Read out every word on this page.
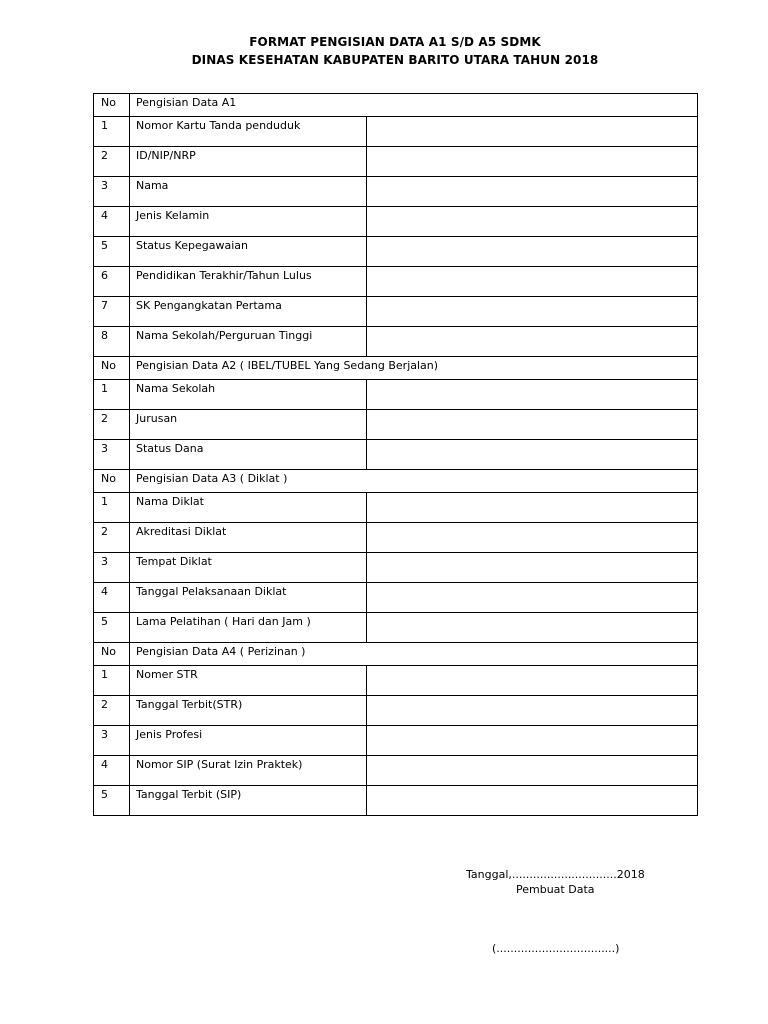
FORMAT PENGISIAN DATA A1 S/D A5 SDMK
DINAS KESEHATAN KABUPATEN BARITO UTARA TAHUN 2018
No	Pengisian Data A1	
1	Nomor Kartu Tanda penduduk	
2	ID/NIP/NRP	
3	Nama	
4	Jenis Kelamin	
5	Status Kepegawaian	
6	Pendidikan Terakhir/Tahun Lulus	
7	SK Pengangkatan Pertama	
8	Nama Sekolah/Perguruan Tinggi	
No	Pengisian Data A2 ( IBEL/TUBEL Yang Sedang Berjalan)	
1	Nama Sekolah	
2	Jurusan	
3	Status Dana	
No	Pengisian Data A3 ( Diklat )	
1	Nama Diklat	
2	Akreditasi Diklat	
3	Tempat Diklat	
4	Tanggal Pelaksanaan Diklat	
5	Lama Pelatihan ( Hari dan Jam )	
No	Pengisian Data A4 ( Perizinan )	
1	Nomer STR	
2	Tanggal Terbit(STR)	
3	Jenis Profesi	
4	Nomor SIP (Surat Izin Praktek)	
5	Tanggal Terbit (SIP)	
Tanggal,..............................2018
Pembuat Data
(..................................)
